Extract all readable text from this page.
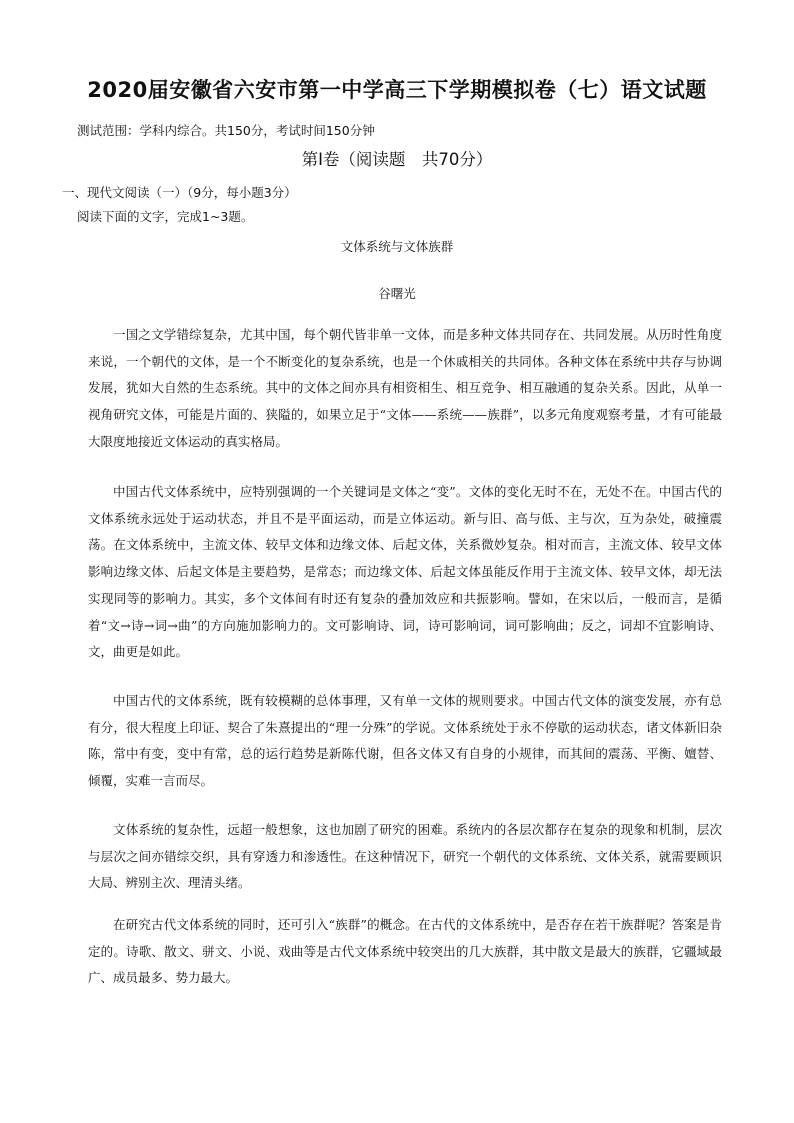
2020届安徽省六安市第一中学高三下学期模拟卷（七）语文试题
测试范围：学科内综合。共150分，考试时间150分钟
第Ⅰ卷（阅读题　共70分）
一、现代文阅读（一）（9分，每小题3分）
阅读下面的文字，完成1~3题。
文体系统与文体族群
谷曙光

一国之文学错综复杂，尤其中国，每个朝代皆非单一文体，而是多种文体共同存在、共同发展。从历时性角度来说，一个朝代的文体，是一个不断变化的复杂系统，也是一个休戚相关的共同体。各种文体在系统中共存与协调发展，犹如大自然的生态系统。其中的文体之间亦具有相资相生、相互竞争、相互融通的复杂关系。因此，从单一视角研究文体，可能是片面的、狭隘的，如果立足于“文体——系统——族群”，以多元角度观察考量，才有可能最大限度地接近文体运动的真实格局。

中国古代文体系统中，应特别强调的一个关键词是文体之“变”。文体的变化无时不在，无处不在。中国古代的文体系统永远处于运动状态，并且不是平面运动，而是立体运动。新与旧、高与低、主与次，互为杂处，破撞震荡。在文体系统中，主流文体、较早文体和边缘文体、后起文体，关系微妙复杂。相对而言，主流文体、较早文体影响边缘文体、后起文体是主要趋势，是常态；而边缘文体、后起文体虽能反作用于主流文体、较早文体，却无法实现同等的影响力。其实，多个文体间有时还有复杂的叠加效应和共振影响。譬如，在宋以后，一般而言，是循着“文→诗→词→曲”的方向施加影响力的。文可影响诗、词，诗可影响词，词可影响曲；反之，词却不宜影响诗、文，曲更是如此。

中国古代的文体系统，既有较模糊的总体事理，又有单一文体的规则要求。中国古代文体的演变发展，亦有总有分，很大程度上印证、契合了朱熹提出的“理一分殊”的学说。文体系统处于永不停歇的运动状态，诸文体新旧杂陈，常中有变，变中有常，总的运行趋势是新陈代谢，但各文体又有自身的小规律，而其间的震荡、平衡、嬗替、倾覆，实难一言而尽。

文体系统的复杂性，远超一般想象，这也加剧了研究的困难。系统内的各层次都存在复杂的现象和机制，层次与层次之间亦错综交织，具有穿透力和渗透性。在这种情况下，研究一个朝代的文体系统、文体关系，就需要顾识大局、辨别主次、理清头绪。

在研究古代文体系统的同时，还可引入“族群”的概念。在古代的文体系统中，是否存在若干族群呢？答案是肯定的。诗歌、散文、骈文、小说、戏曲等是古代文体系统中较突出的几大族群，其中散文是最大的族群，它疆域最广、成员最多、势力最大。
